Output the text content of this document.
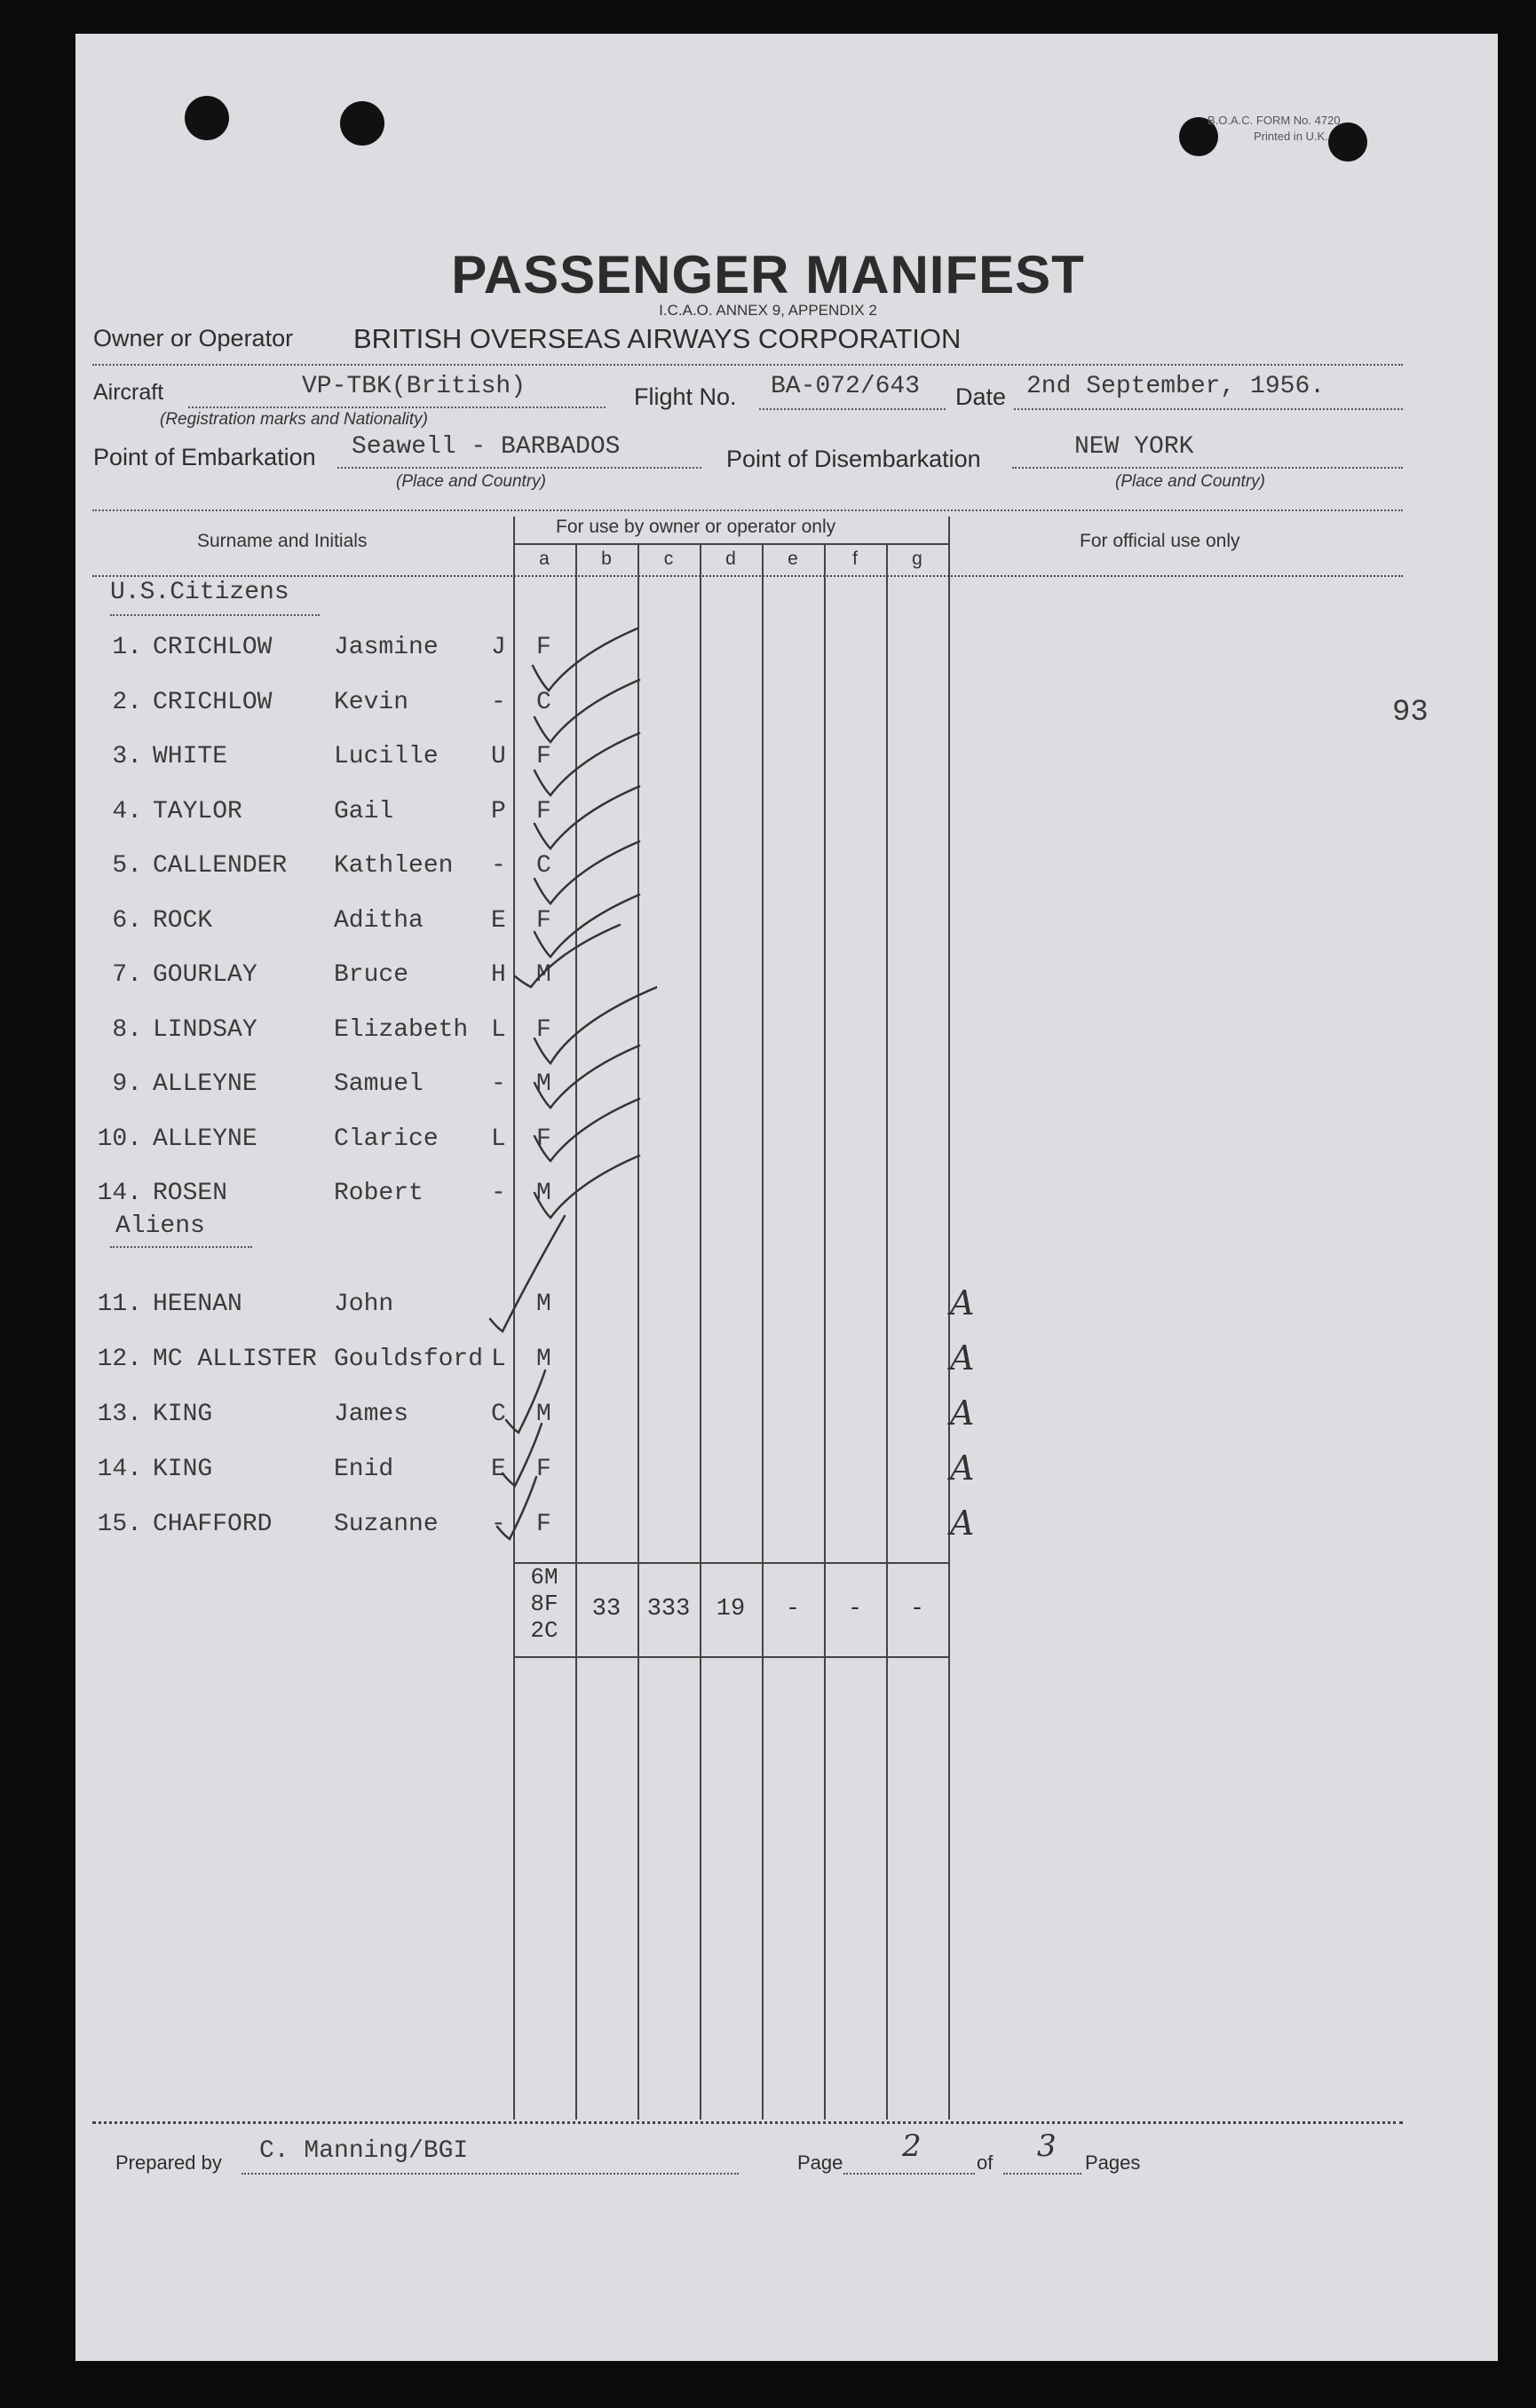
B.O.A.C. FORM No. 4720
Printed in U.K.
PASSENGER MANIFEST
I.C.A.O. ANNEX 9, APPENDIX 2
Owner or Operator BRITISH OVERSEAS AIRWAYS CORPORATION
Aircraft	VP-TBK(British)
(Registration marks and Nationality)
Flight No. BA-072/643 Date 2nd September, 1956.
Point of Embarkation Seawell - BARBADOS
(Place and Country)
Point of Disembarkation	NEW YORK
(Place and Country)
Surname and Initials
For use by owner or operator only
For official use only
a	b	c	d	e	f	g
93
U.S.Citizens
1. CRICHLOW Jasmine J F
2. CRICHLOW Kevin	- C
3. WHITE	Lucille U F
4. TAYLOR	Gail	P F
5. CALLENDER Kathleen - C
6. ROCK	Aditha	E F
7. GOURLAY	Bruce	H M
8. LINDSAY	Elizabeth L F
9. ALLEYNE	Samuel	- M
10. ALLEYNE	Clarice L F
14. ROSEN	Robert	- M
Aliens
11. HEENAN	John	M	A
12. MC ALLISTER Gouldsford L M	A
13. KING	James	C M	A
14. KING	Enid	E F	A
15. CHAFFORD Suzanne - F	A
6M
8F
2C
33	333	19	-	-	-
Prepared by C. Manning/BGI	Page 2	of 3 Pages
